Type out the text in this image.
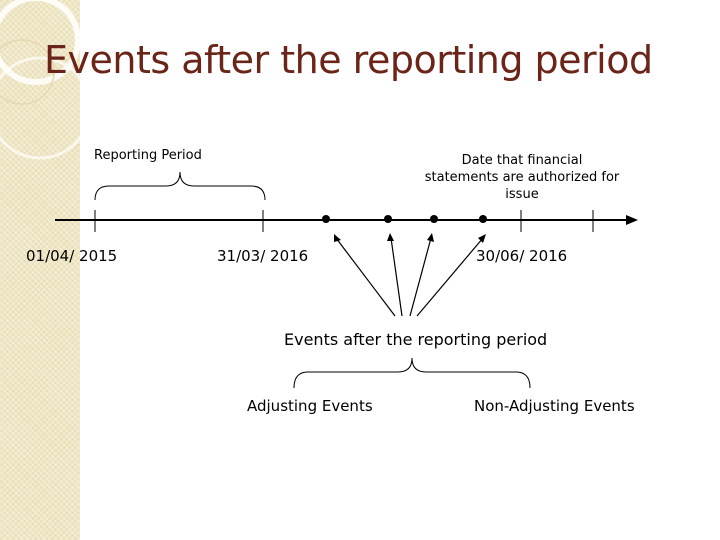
Events after the reporting period
Reporting Period	Date that financial statements are authorized for issue
01/04/ 2015	31/03/ 2016	30/06/ 2016
Events after the reporting period
Adjusting Events	Non-Adjusting Events
